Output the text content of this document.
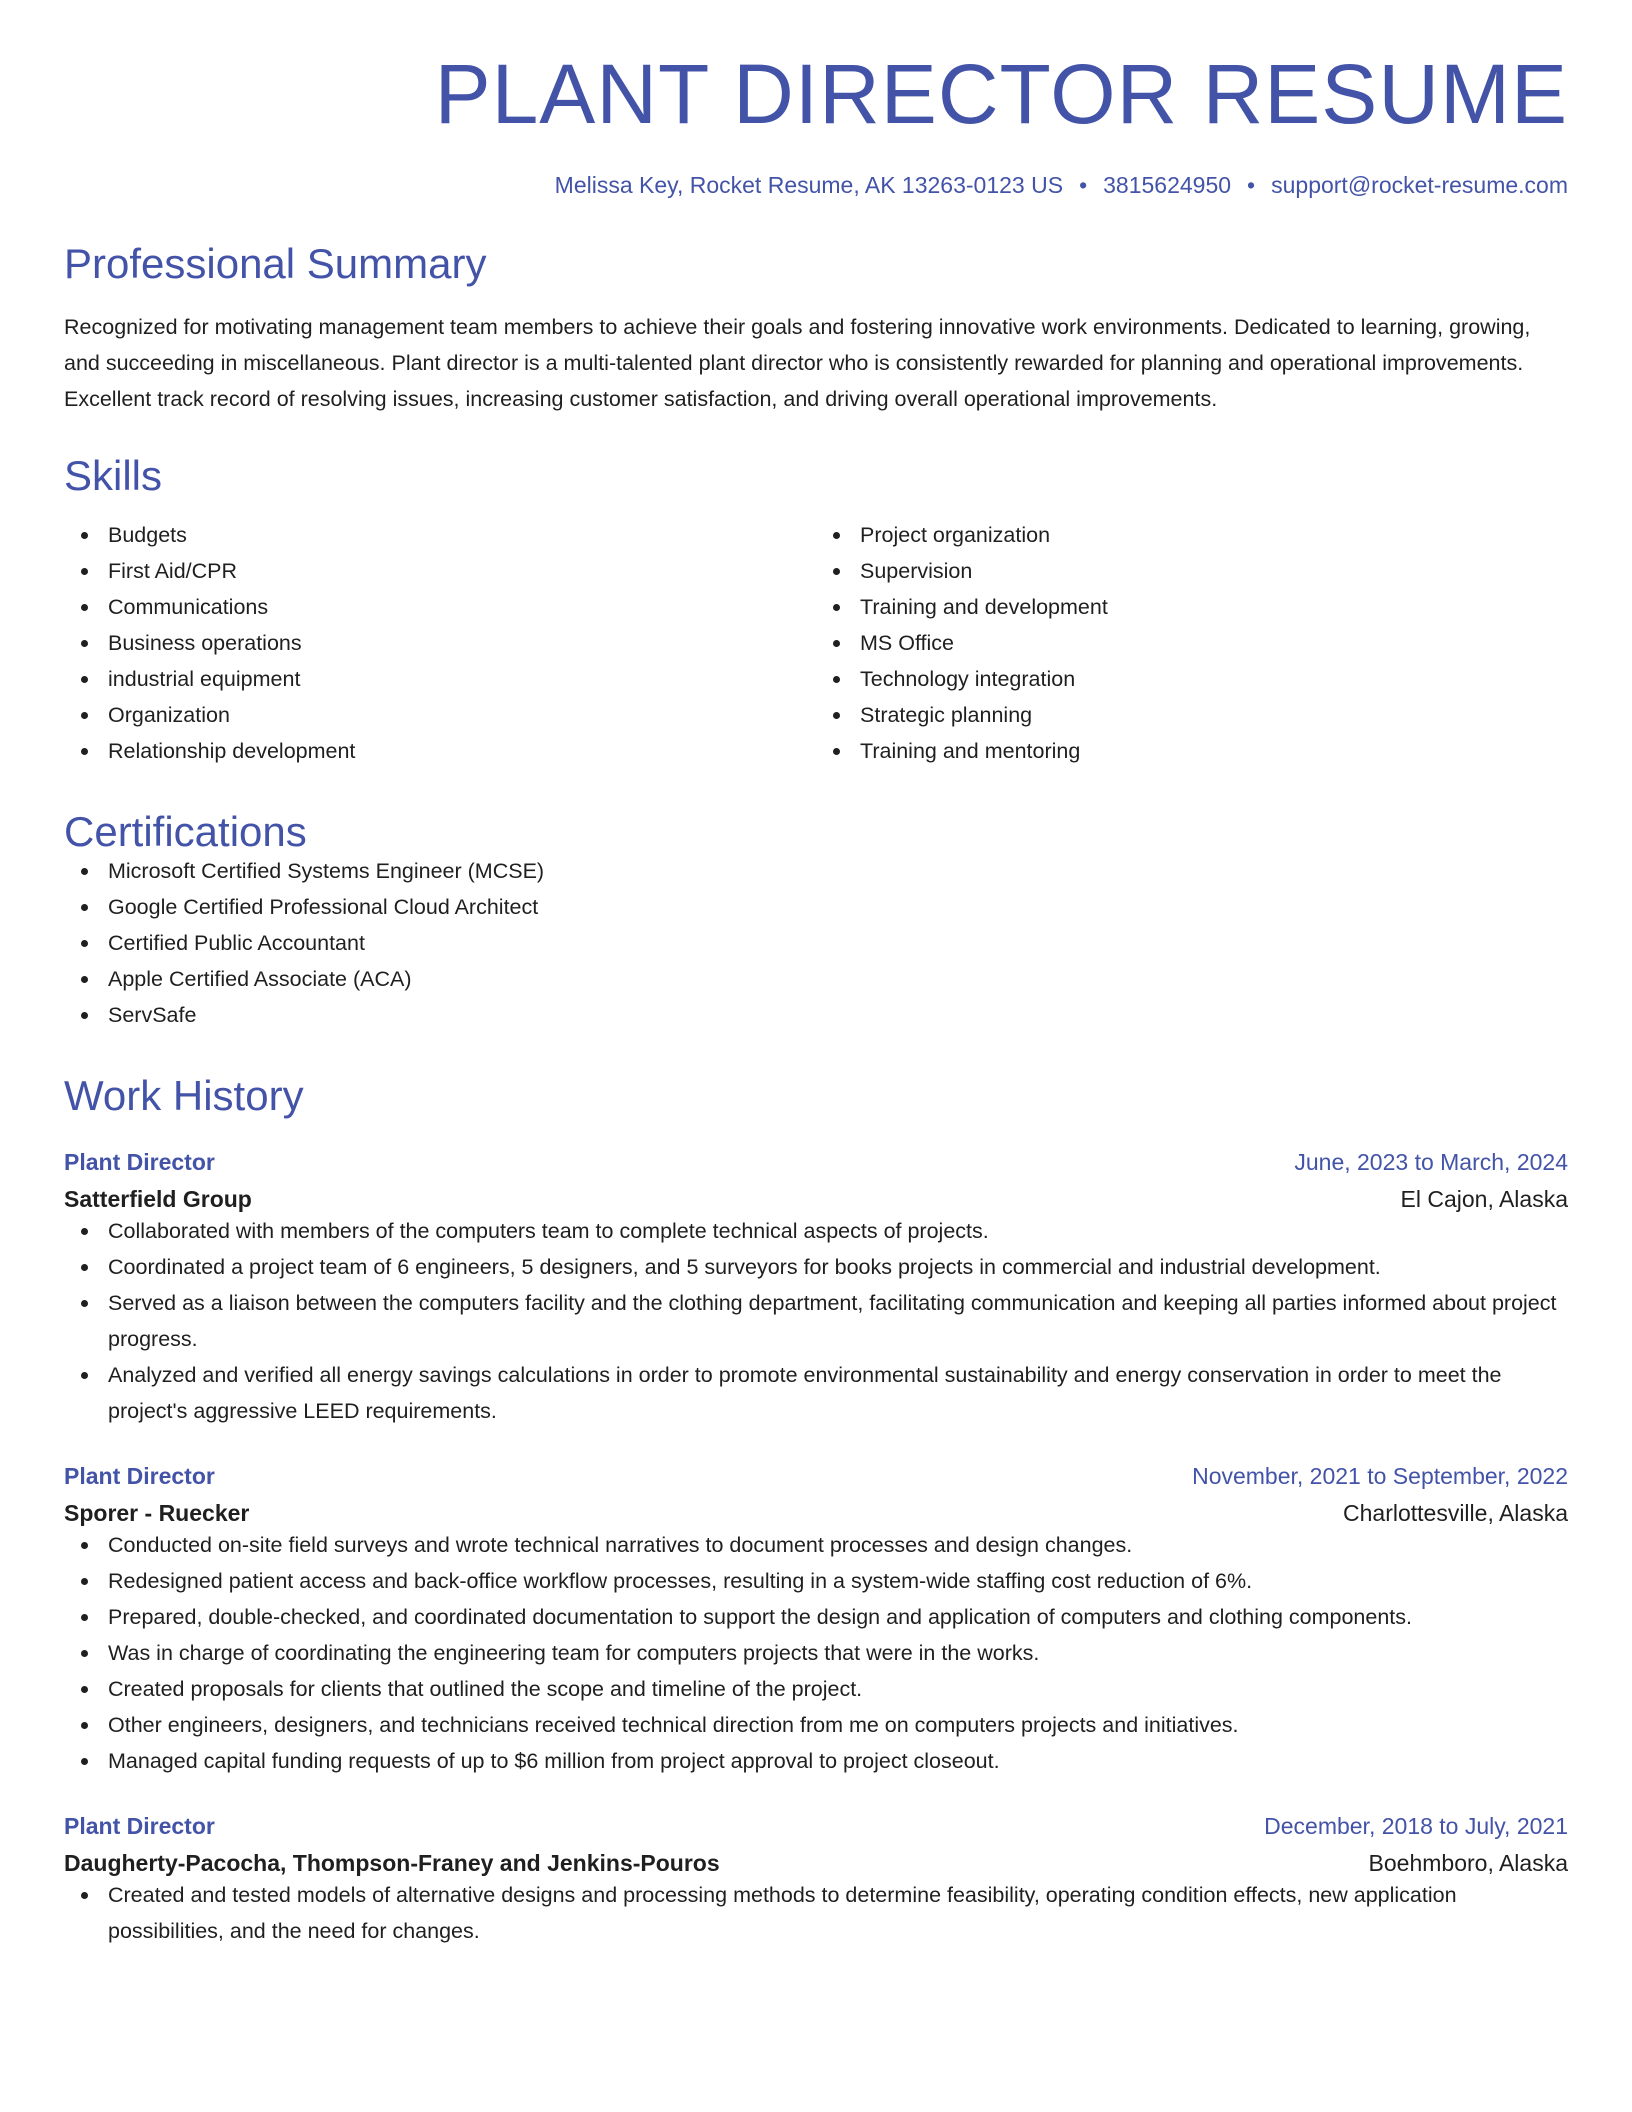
PLANT DIRECTOR RESUME
Melissa Key, Rocket Resume, AK 13263-0123 US • 3815624950 • support@rocket-resume.com
Professional Summary

Recognized for motivating management team members to achieve their goals and fostering innovative work environments. Dedicated to learning, growing, and succeeding in miscellaneous. Plant director is a multi-talented plant director who is consistently rewarded for planning and operational improvements. Excellent track record of resolving issues, increasing customer satisfaction, and driving overall operational improvements.

Skills
Budgets
First Aid/CPR
Communications
Business operations
industrial equipment
Organization
Relationship development
Project organization
Supervision
Training and development
MS Office
Technology integration
Strategic planning
Training and mentoring
Certifications
Microsoft Certified Systems Engineer (MCSE)
Google Certified Professional Cloud Architect
Certified Public Accountant
Apple Certified Associate (ACA)
ServSafe
Work History
Plant Director	June, 2023 to March, 2024
Satterfield Group	El Cajon, Alaska
Collaborated with members of the computers team to complete technical aspects of projects.
Coordinated a project team of 6 engineers, 5 designers, and 5 surveyors for books projects in commercial and industrial development.
Served as a liaison between the computers facility and the clothing department, facilitating communication and keeping all parties informed about project progress.
Analyzed and verified all energy savings calculations in order to promote environmental sustainability and energy conservation in order to meet the project's aggressive LEED requirements.
Plant Director	November, 2021 to September, 2022
Sporer - Ruecker	Charlottesville, Alaska
Conducted on-site field surveys and wrote technical narratives to document processes and design changes.
Redesigned patient access and back-office workflow processes, resulting in a system-wide staffing cost reduction of 6%.
Prepared, double-checked, and coordinated documentation to support the design and application of computers and clothing components.
Was in charge of coordinating the engineering team for computers projects that were in the works.
Created proposals for clients that outlined the scope and timeline of the project.
Other engineers, designers, and technicians received technical direction from me on computers projects and initiatives.
Managed capital funding requests of up to $6 million from project approval to project closeout.
Plant Director	December, 2018 to July, 2021
Daugherty-Pacocha, Thompson-Franey and Jenkins-Pouros	Boehmboro, Alaska
Created and tested models of alternative designs and processing methods to determine feasibility, operating condition effects, new application possibilities, and the need for changes.
